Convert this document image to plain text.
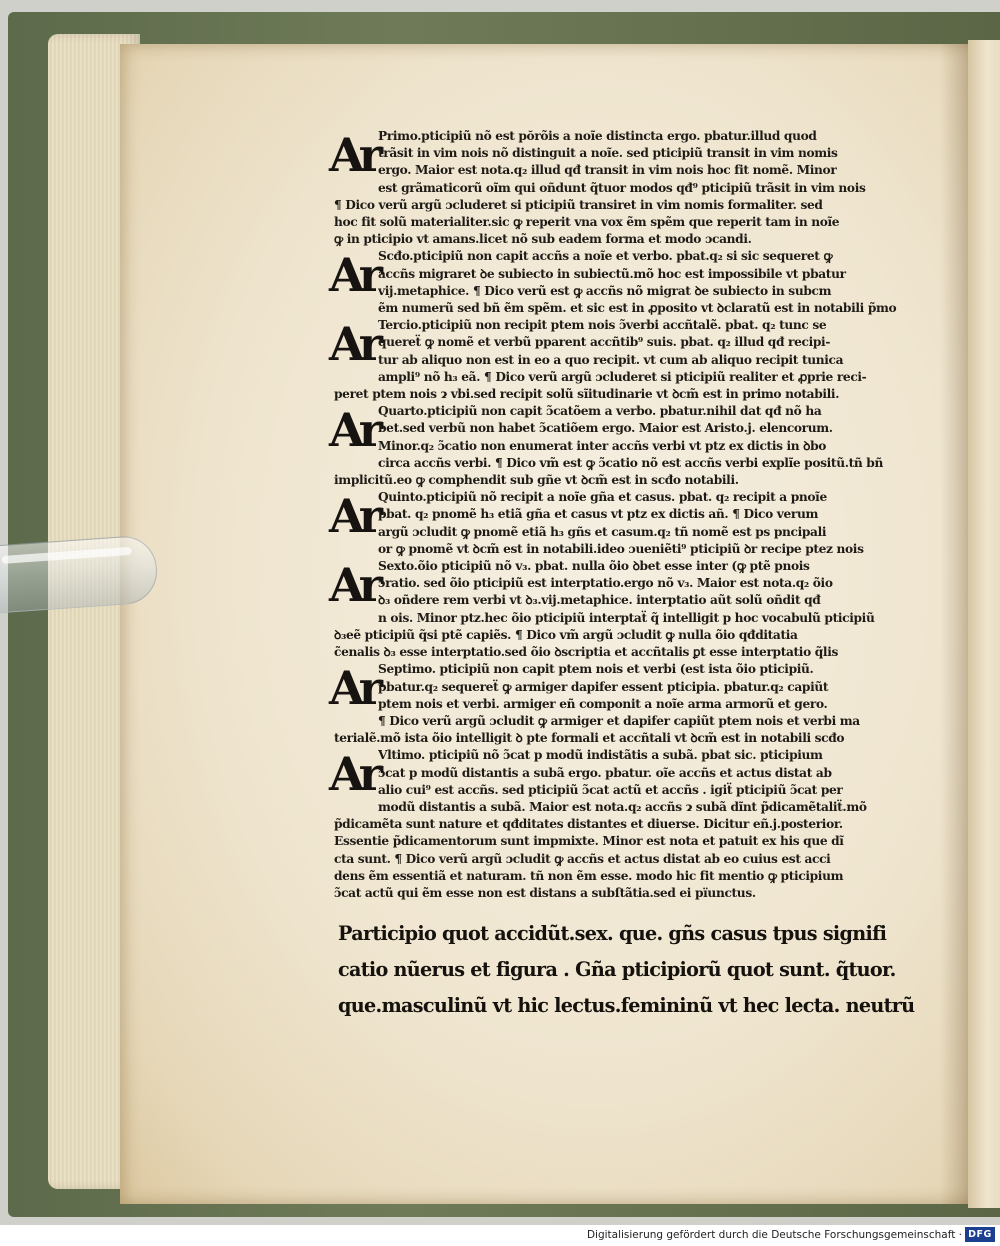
Ar Primo.pticipiũ nõ est pŏrõis a noĩe distincta ergo. pbatur.illud quod
trãsit in vim nois nõ distinguit a noĩe. sed pticipiũ transit in vim nomis
ergo. Maior est nota.q₂ illud qđ transit in vim nois hoc fit nomẽ. Minor
est grãmaticorũ oĩm qui oñdunt q̃tuor modos qđ⁹ pticipiũ trãsit in vim nois
¶ Dico verũ argũ ɔcluderet si pticipiũ transiret in vim nomis formaliter. sed
hoc fit solũ materialiter.sic ꝙ reperit vna vox ẽm spẽm que reperit tam in noĩe
ꝙ in pticipio vt amans.licet nõ sub eadem forma et modo ɔcandi.
Ar Scđo.pticipiũ non capit accñs a noĩe et verbo. pbat.q₂ si sic sequeret ꝙ
accñs migraret ꝺe subiecto in subiectũ.mõ hoc est impossibile vt pbatur
vij.metaphice. ¶ Dico verũ est ꝙ accñs nõ migrat ꝺe subiecto in subcm
ẽm numerũ sed bñ ẽm spẽm. et sic est in ꝓposito vt ꝺclaratũ est in notabili p̃mo
Ar Tercio.pticipiũ non recipit ptem nois ɔ̃verbi accñtalẽ. pbat. q₂ tunc se
quereẗ ꝙ nomẽ et verbũ pparent accñtib⁹ suis. pbat. q₂ illud qđ recipi-
tur ab aliquo non est in eo a quo recipit. vt cum ab aliquo recipit tunica
ampli⁹ nõ h₃ eã. ¶ Dico verũ argũ ɔcluderet si pticipiũ realiter et ꝓprie reci-
peret ptem nois ɂ vbi.sed recipit solũ sĩitudinarie vt ꝺcm̃ est in primo notabili.
Ar Quarto.pticipiũ non capit ɔ̃catõem a verbo. pbatur.nihil dat qđ nõ ha
bet.sed verbũ non habet ɔ̃catiõem ergo. Maior est Aristo.j. elencorum.
Minor.q₂ ɔ̃catio non enumerat inter accñs verbi vt ptz ex dictis in ꝺbo
circa accñs verbi. ¶ Dico vm̃ est ꝙ ɔ̃catio nõ est accñs verbi explĩe positũ.tñ bñ
implicitũ.eo ꝙ comphendit sub gñe vt ꝺcm̃ est in scđo notabili.
Ar Quinto.pticipiũ nõ recipit a noĩe gña et casus. pbat. q₂ recipit a pnoĩe
pbat. q₂ pnomẽ h₃ etiã gña et casus vt ptz ex dictis añ. ¶ Dico verum
argũ ɔcludit ꝙ pnomẽ etiã h₃ gñs et casum.q₂ tñ nomẽ est ps pncipali
or ꝙ pnomẽ vt ꝺcm̃ est in notabili.ideo ɔueniẽti⁹ pticipiũ ꝺr recipe ptez nois
Ar Sexto.õio pticipiũ nõ v₃. pbat. nulla õio ꝺbet esse inter (ꝙ ptẽ pnois
ɔ̃ratio. sed õio pticipiũ est interptatio.ergo nõ v₃. Maior est nota.q₂ õio
ꝺ₃ oñdere rem verbi vt ꝺ₃.vij.metaphice. interptatio aũt solũ oñdit qđ
n ois. Minor ptz.hec õio pticipiũ interptaẗ q̃ intelligit p hoc vocabulũ pticipiũ
ꝺ₃eẽ pticipiũ q̃si ptẽ capiẽs. ¶ Dico vm̃ argũ ɔcludit ꝙ nulla õio qđditatia
c̃enalis ꝺ₃ esse interptatio.sed õio ꝺscriptia et accñtalis ꝑt esse interptatio q̃lis
Ar Septimo. pticipiũ non capit ptem nois et verbi (est ista õio pticipiũ.
pbatur.q₂ sequereẗ ꝙ armiger dapifer essent pticipia. pbatur.q₂ capiũt
ptem nois et verbi. armiger eñ componit a noĩe arma armorũ et gero.
¶ Dico verũ argũ ɔcludit ꝙ armiger et dapifer capiũt ptem nois et verbi ma
terialẽ.mõ ista õio intelligit ꝺ pte formali et accñtali vt ꝺcm̃ est in notabili scđo
Ar Vltimo. pticipiũ nõ ɔ̃cat p modũ indistãtis a subã. pbat sic. pticipium
ɔ̃cat p modũ distantis a subã ergo. pbatur. oĩe accñs et actus distat ab
alio cui⁹ est accñs. sed pticipiũ ɔ̃cat actũ et accñs . igiẗ pticipiũ ɔ̃cat per
modũ distantis a subã. Maior est nota.q₂ accñs ɂ subã dĩnt p̃dicamẽtaliẗ.mõ
p̃dicamẽta sunt nature et qđditates distantes et diuerse. Dicitur eñ.j.posterior.
Essentie p̃dicamentorum sunt impmixte. Minor est nota et patuit ex his que dĩ
cta sunt. ¶ Dico verũ argũ ɔcludit ꝙ accñs et actus distat ab eo cuius est acci
dens ẽm essentiã et naturam. tñ non ẽm esse. modo hic fit mentio ꝙ pticipium
ɔ̃cat actũ qui ẽm esse non est distans a subſtãtia.sed ei pïunctus.
Participio quot accidũt.sex. que. gñs casus tpus signifi
catio nũerus et figura . Gña pticipiorũ quot sunt. q̃tuor.
que.masculinũ vt hic lectus.femininũ vt hec lecta. neutrũ
Digitalisierung gefördert durch die Deutsche Forschungsgemeinschaft · DFG
